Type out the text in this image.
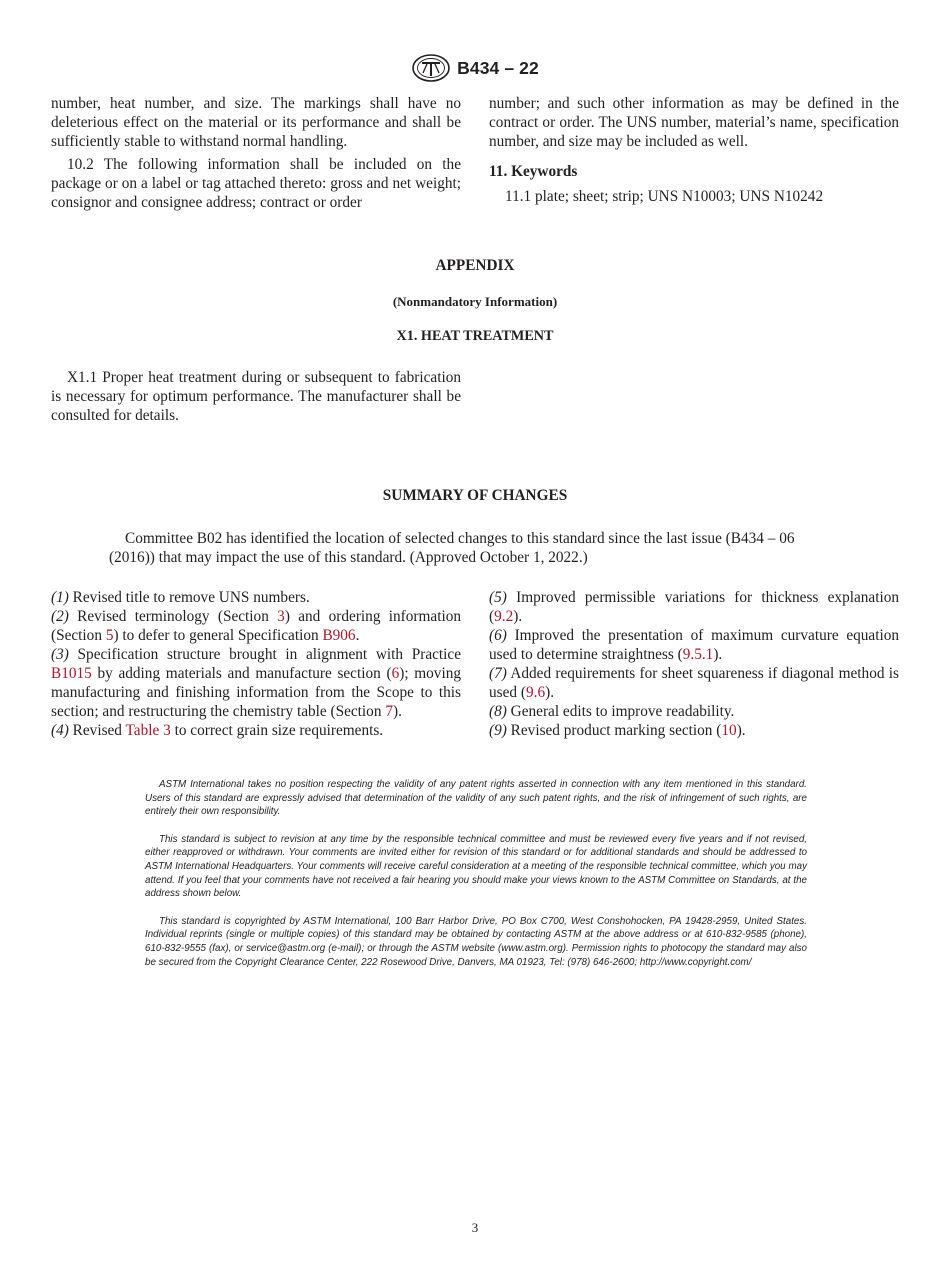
B434 – 22

number, heat number, and size. The markings shall have no deleterious effect on the material or its performance and shall be sufficiently stable to withstand normal handling.

10.2 The following information shall be included on the package or on a label or tag attached thereto: gross and net weight; consignor and consignee address; contract or order

number; and such other information as may be defined in the contract or order. The UNS number, material’s name, specification number, and size may be included as well.

11. Keywords

11.1 plate; sheet; strip; UNS N10003; UNS N10242

APPENDIX
(Nonmandatory Information)
X1. HEAT TREATMENT

X1.1 Proper heat treatment during or subsequent to fabrication is necessary for optimum performance. The manufacturer shall be consulted for details.

SUMMARY OF CHANGES

Committee B02 has identified the location of selected changes to this standard since the last issue (B434 – 06 (2016)) that may impact the use of this standard. (Approved October 1, 2022.)

(1) Revised title to remove UNS numbers.

(2) Revised terminology (Section 3) and ordering information (Section 5) to defer to general Specification B906.

(3) Specification structure brought in alignment with Practice B1015 by adding materials and manufacture section (6); moving manufacturing and finishing information from the Scope to this section; and restructuring the chemistry table (Section 7).

(4) Revised Table 3 to correct grain size requirements.

(5) Improved permissible variations for thickness explanation (9.2).

(6) Improved the presentation of maximum curvature equation used to determine straightness (9.5.1).

(7) Added requirements for sheet squareness if diagonal method is used (9.6).

(8) General edits to improve readability.

(9) Revised product marking section (10).

ASTM International takes no position respecting the validity of any patent rights asserted in connection with any item mentioned in this standard. Users of this standard are expressly advised that determination of the validity of any such patent rights, and the risk of infringement of such rights, are entirely their own responsibility.

This standard is subject to revision at any time by the responsible technical committee and must be reviewed every five years and if not revised, either reapproved or withdrawn. Your comments are invited either for revision of this standard or for additional standards and should be addressed to ASTM International Headquarters. Your comments will receive careful consideration at a meeting of the responsible technical committee, which you may attend. If you feel that your comments have not received a fair hearing you should make your views known to the ASTM Committee on Standards, at the address shown below.

This standard is copyrighted by ASTM International, 100 Barr Harbor Drive, PO Box C700, West Conshohocken, PA 19428-2959, United States. Individual reprints (single or multiple copies) of this standard may be obtained by contacting ASTM at the above address or at 610-832-9585 (phone), 610-832-9555 (fax), or service@astm.org (e-mail); or through the ASTM website (www.astm.org). Permission rights to photocopy the standard may also be secured from the Copyright Clearance Center, 222 Rosewood Drive, Danvers, MA 01923, Tel: (978) 646-2600; http://www.copyright.com/

3
